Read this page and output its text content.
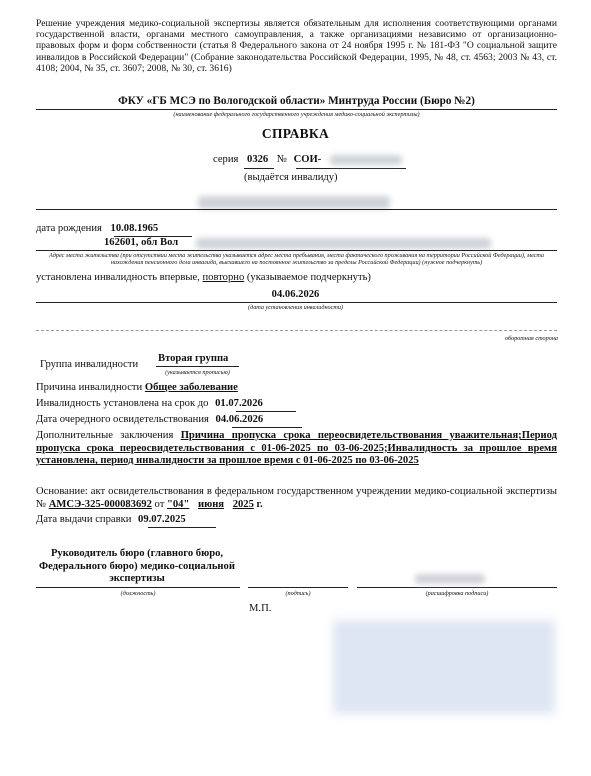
Решение учреждения медико-социальной экспертизы является обязательным для исполнения соответствующими органами государственной власти, органами местного самоуправления, а также организациями независимо от организационно-правовых форм и форм собственности (статья 8 Федерального закона от 24 ноября 1995 г. № 181-ФЗ "О социальной защите инвалидов в Российской Федерации" (Собрание законодательства Российской Федерации, 1995, № 48, ст. 4563; 2003 № 43, ст. 4108; 2004, № 35, ст. 3607; 2008, № 30, ст. 3616)
ФКУ «ГБ МСЭ по Вологодской области» Минтруда России (Бюро №2)
(наименование федерального государственного учреждения медико-социальной экспертизы)
СПРАВКА
серия 0326 № СОИ-
(выдаётся инвалиду)
дата рождения 10.08.1965
162601, обл Вол
Адрес места жительства (при отсутствии места жительства указывается адрес места пребывания, места фактического проживания на территории Российской Федерации), места нахождения пенсионного дела инвалида, выехавшего на постоянное жительство за пределы Российской Федерации) (нужное подчеркнуть)
установлена инвалидность впервые, повторно (указываемое подчеркнуть)
04.06.2026
(дата установления инвалидности)
оборотная сторона
Группа инвалидности
Вторая группа
(указывается прописью)
Причина инвалидности Общее заболевание
Инвалидность установлена на срок до 01.07.2026
Дата очередного освидетельствования 04.06.2026
Дополнительные заключения Причина пропуска срока переосвидетельствования уважительная;Период пропуска срока переосвидетельствования с 01-06-2025 по 03-06-2025;Инвалидность за прошлое время установлена, период инвалидности за прошлое время с 01-06-2025 по 03-06-2025
Основание: акт освидетельствования в федеральном государственном учреждении медико-социальной экспертизы № АМСЭ-325-000083692 от "04" июня 2025 г.
Дата выдачи справки 09.07.2025
Руководитель бюро (главного бюро, Федерального бюро) медико-социальной экспертизы
(должность)	(подпись)	(расшифровка подписи)
М.П.
